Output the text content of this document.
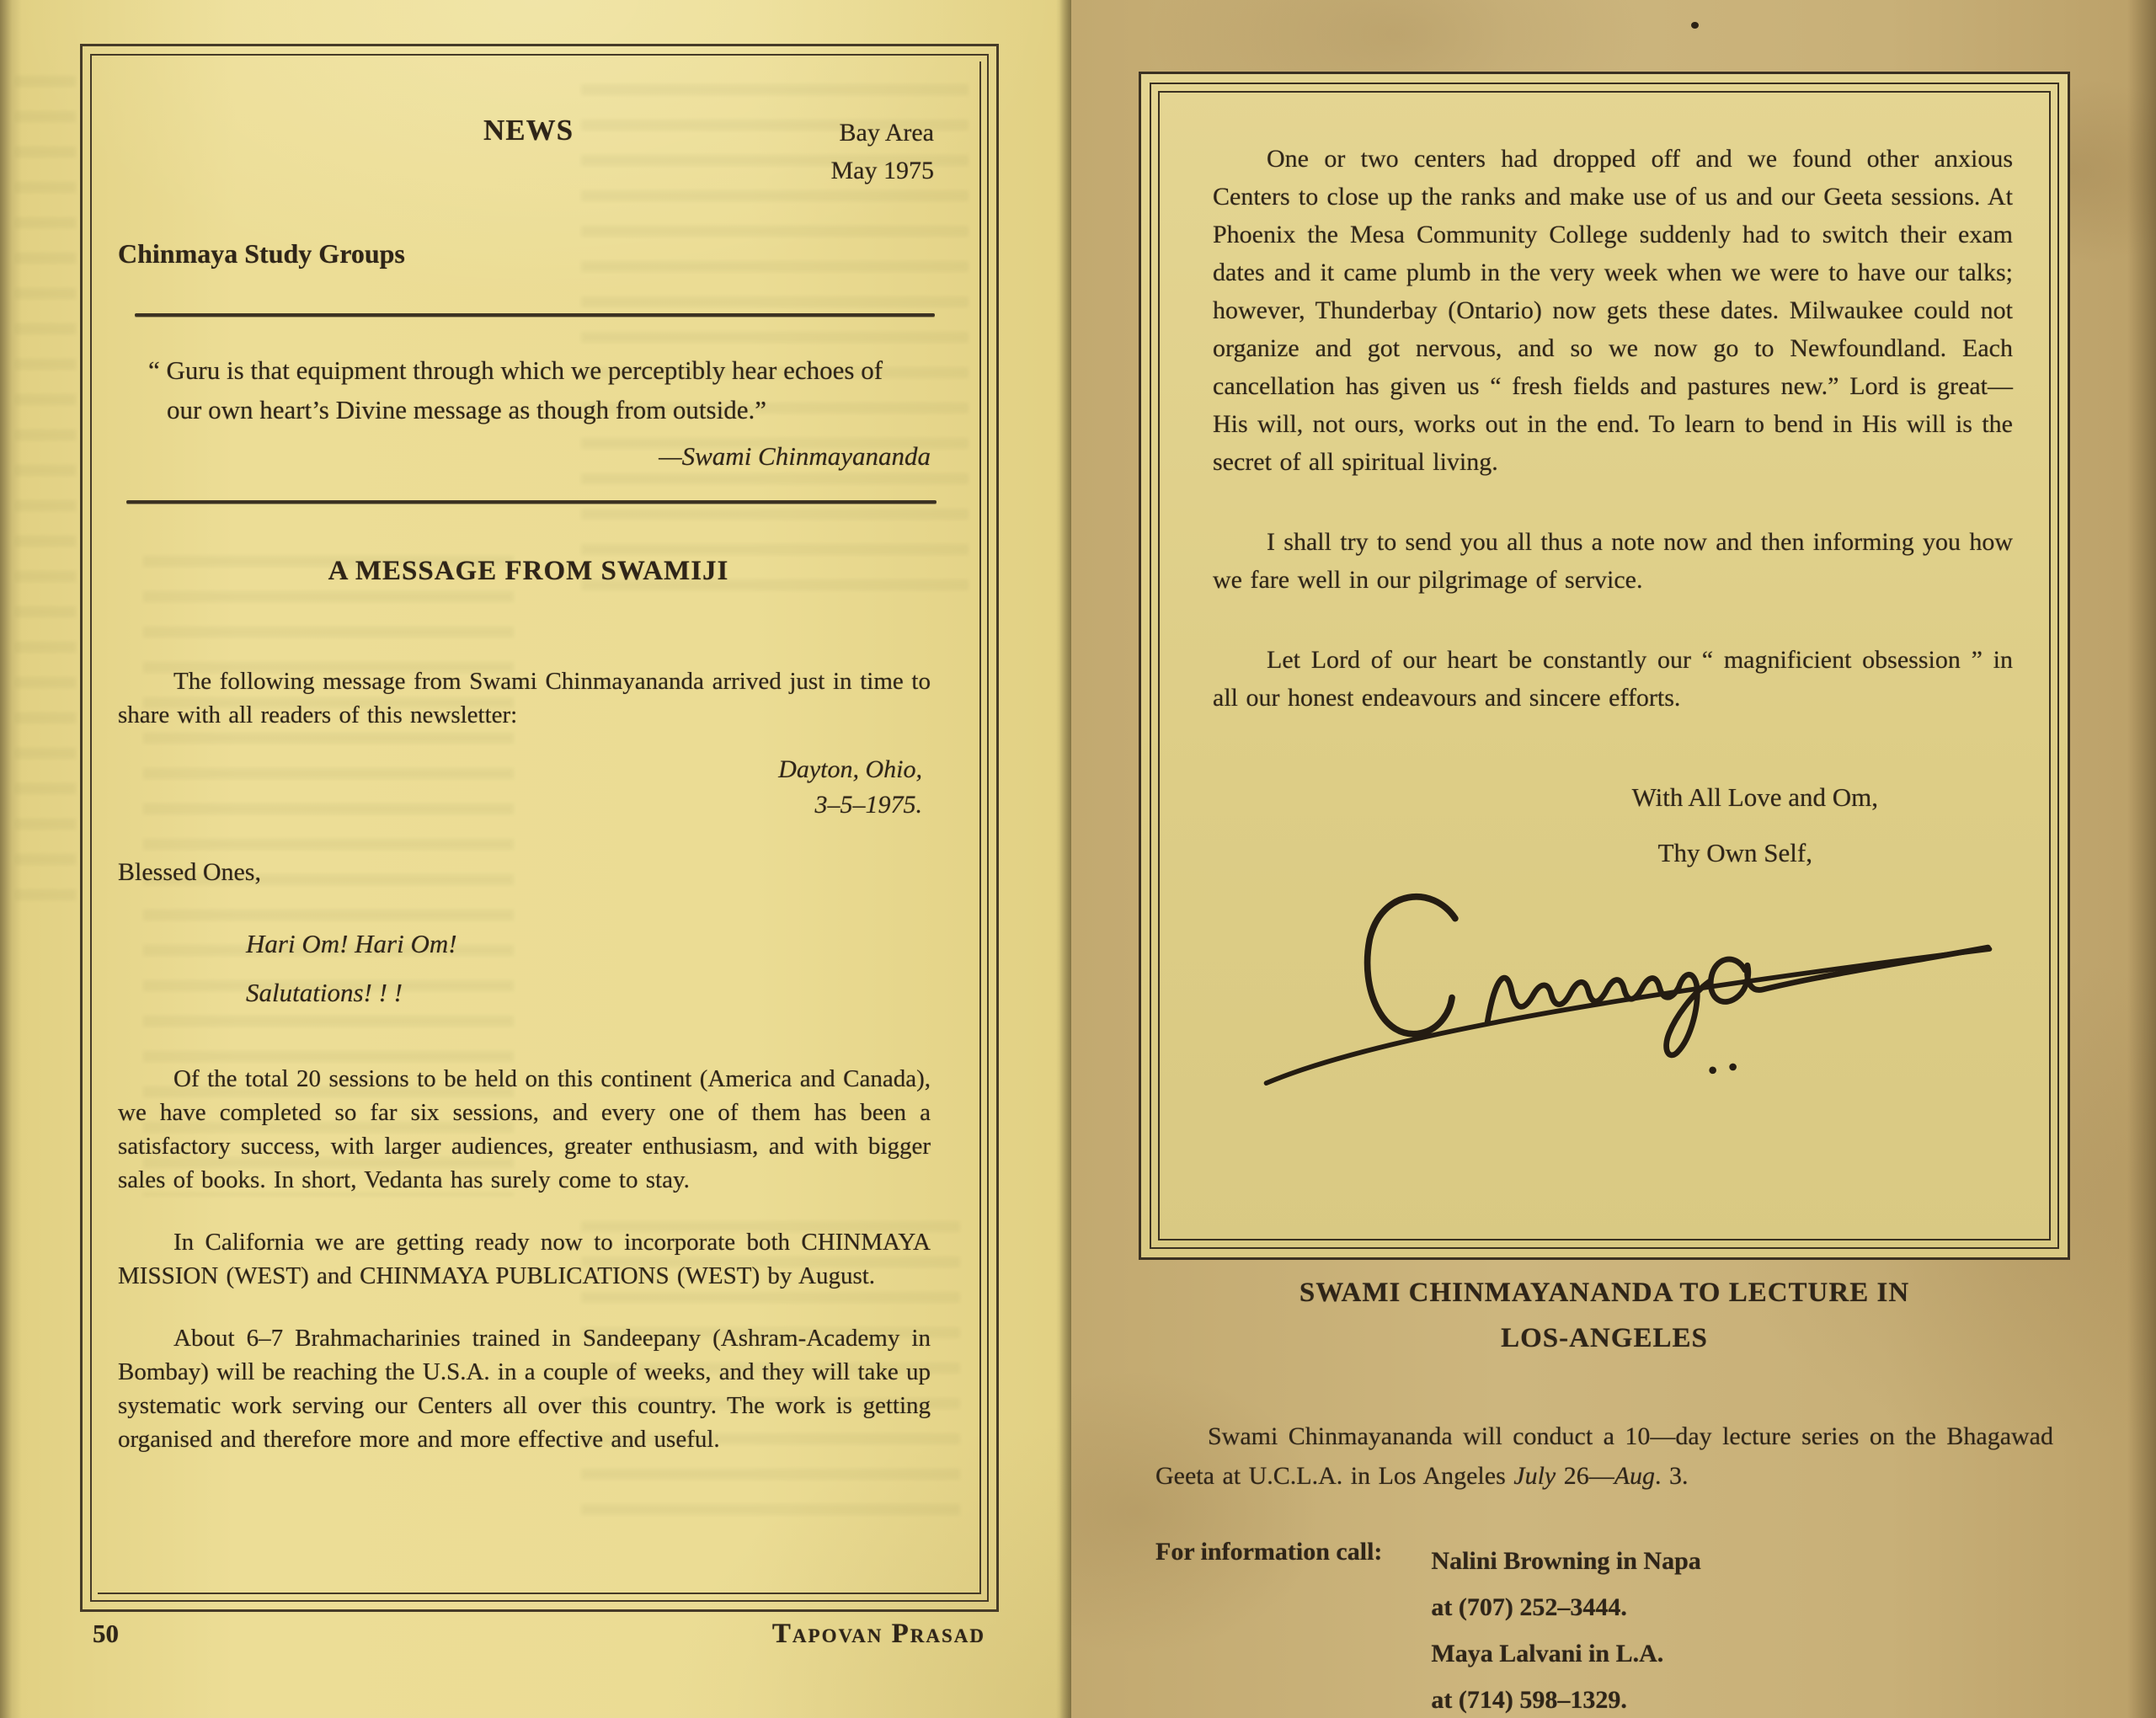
NEWS	Bay Area
May 1975
Chinmaya Study Groups
“ Guru is that equipment through which we perceptibly hear echoes of our own heart’s Divine message as though from outside.”
—Swami Chinmayananda
A MESSAGE FROM SWAMIJI
The following message from Swami Chinmayananda arrived just in time to share with all readers of this newsletter:
Dayton, Ohio,
3–5–1975.
Blessed Ones,
Hari Om! Hari Om!
Salutations! ! !
Of the total 20 sessions to be held on this continent (America and Canada), we have completed so far six sessions, and every one of them has been a satisfactory success, with larger audiences, greater enthusiasm, and with bigger sales of books. In short, Vedanta has surely come to stay.
In California we are getting ready now to incorporate both CHINMAYA MISSION (WEST) and CHINMAYA PUBLICATIONS (WEST) by August.
About 6–7 Brahmacharinies trained in Sandeepany (Ashram-Academy in Bombay) will be reaching the U.S.A. in a couple of weeks, and they will take up systematic work serving our Centers all over this country. The work is getting organised and therefore more and more effective and useful.
50	Tapovan Prasad
One or two centers had dropped off and we found other anxious Centers to close up the ranks and make use of us and our Geeta sessions. At Phoenix the Mesa Community College suddenly had to switch their exam dates and it came plumb in the very week when we were to have our talks; however, Thunderbay (Ontario) now gets these dates. Milwaukee could not organize and got nervous, and so we now go to Newfoundland. Each cancellation has given us “ fresh fields and pastures new.” Lord is great—His will, not ours, works out in the end. To learn to bend in His will is the secret of all spiritual living.
I shall try to send you all thus a note now and then informing you how we fare well in our pilgrimage of service.
Let Lord of our heart be constantly our “ magnificient obsession ” in all our honest endeavours and sincere efforts.
With All Love and Om,
Thy Own Self,
SWAMI CHINMAYANANDA TO LECTURE IN
LOS-ANGELES
Swami Chinmayananda will conduct a 10—day lecture series on the Bhagawad Geeta at U.C.L.A. in Los Angeles July 26—Aug. 3.
For information call: Nalini Browning in Napa
at (707) 252–3444.
Maya Lalvani in L.A.
at (714) 598–1329.
